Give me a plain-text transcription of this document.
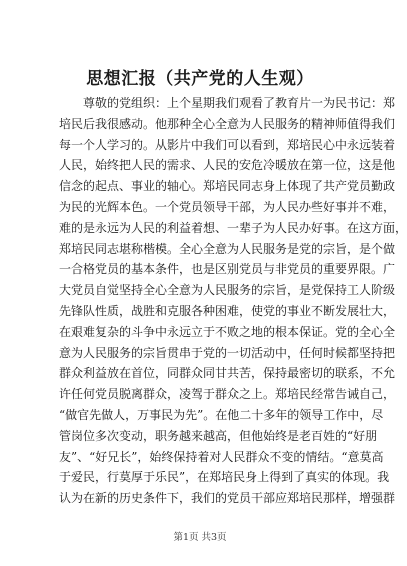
思想汇报（共产党的人生观）
尊敬的党组织：上个星期我们观看了教育片一为民书记：郑
培民后我很感动。他那种全心全意为人民服务的精神师值得我们
每一个人学习的。从影片中我们可以看到，郑培民心中永远装着
人民，始终把人民的需求、人民的安危冷暖放在第一位，这是他
信念的起点、事业的轴心。郑培民同志身上体现了共产党员勤政
为民的光辉本色。一个党员领导干部，为人民办些好事并不难，
难的是永远为人民的利益着想、一辈子为人民办好事。在这方面，
郑培民同志堪称楷模。全心全意为人民服务是党的宗旨，是个做
一合格党员的基本条件，也是区别党员与非党员的重要界限。广
大党员自觉坚持全心全意为人民服务的宗旨，是党保持工人阶级
先锋队性质，战胜和克服各种困难，使党的事业不断发展壮大，
在艰难复杂的斗争中永远立于不败之地的根本保证。党的全心全
意为人民服务的宗旨贯串于党的一切活动中，任何时候都坚持把
群众利益放在首位，同群众同甘共苦，保持最密切的联系，不允
许任何党员脱离群众，凌驾于群众之上。郑培民经常告诫自己，
“做官先做人，万事民为先”。在他二十多年的领导工作中，尽
管岗位多次变动，职务越来越高，但他始终是老百姓的“好朋
友”、“好兄长”，始终保持着对人民群众不变的情结。“意莫高
于爱民，行莫厚于乐民”，在郑培民身上得到了真实的体现。我
认为在新的历史条件下，我们的党员干部应郑培民那样，增强群
第1页 共3页
